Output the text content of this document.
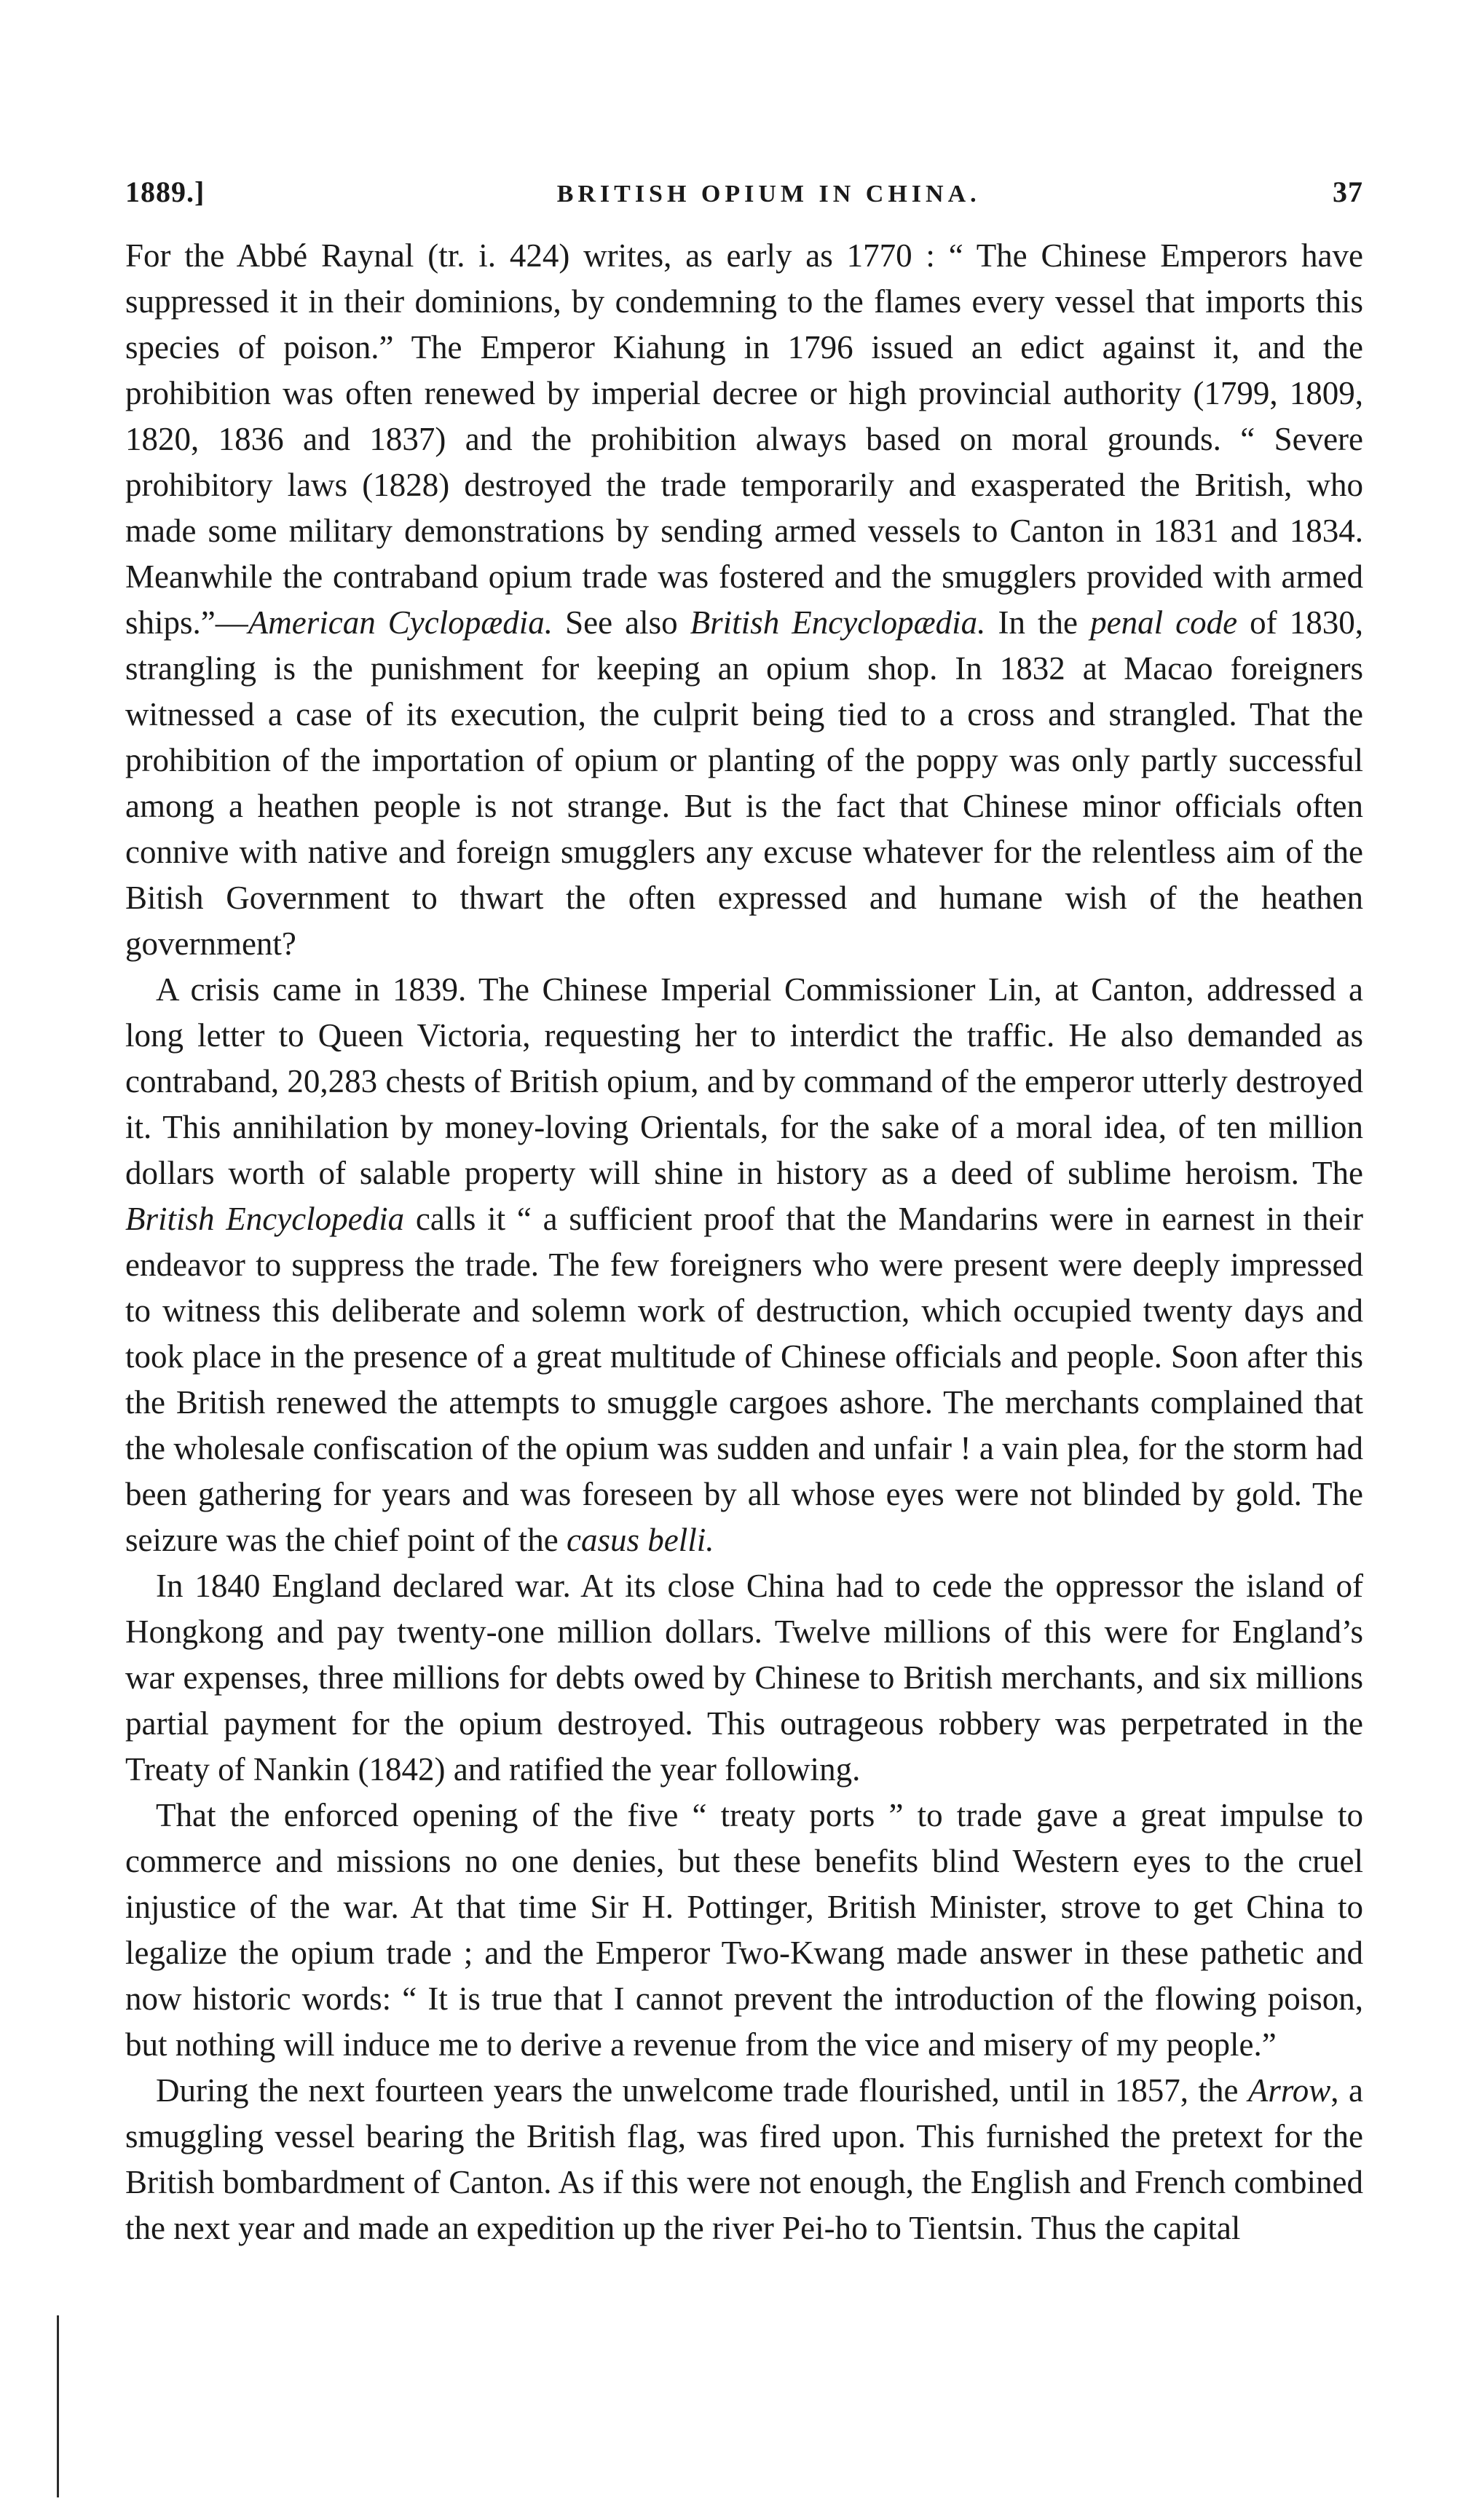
1889.]	BRITISH OPIUM IN CHINA.	37

For the Abbé Raynal (tr. i. 424) writes, as early as 1770 : “ The Chinese Emperors have suppressed it in their dominions, by condemning to the flames every vessel that imports this species of poison.” The Emperor Kiahung in 1796 issued an edict against it, and the prohibition was often renewed by imperial decree or high provincial authority (1799, 1809, 1820, 1836 and 1837) and the prohibition always based on moral grounds. “ Severe prohibitory laws (1828) destroyed the trade temporarily and exasperated the British, who made some military demonstrations by sending armed vessels to Canton in 1831 and 1834. Meanwhile the contraband opium trade was fostered and the smugglers provided with armed ships.”—American Cyclopædia. See also British Encyclopædia. In the penal code of 1830, strangling is the punishment for keeping an opium shop. In 1832 at Macao foreigners witnessed a case of its execution, the culprit being tied to a cross and strangled. That the prohibition of the importation of opium or planting of the poppy was only partly successful among a heathen people is not strange. But is the fact that Chinese minor officials often connive with native and foreign smugglers any excuse whatever for the relentless aim of the Bitish Government to thwart the often expressed and humane wish of the heathen government?

A crisis came in 1839. The Chinese Imperial Commissioner Lin, at Canton, addressed a long letter to Queen Victoria, requesting her to interdict the traffic. He also demanded as contraband, 20,283 chests of British opium, and by command of the emperor utterly destroyed it. This annihilation by money-loving Orientals, for the sake of a moral idea, of ten million dollars worth of salable property will shine in history as a deed of sublime heroism. The British Encyclopedia calls it “ a sufficient proof that the Mandarins were in earnest in their endeavor to suppress the trade. The few foreigners who were present were deeply impressed to witness this deliberate and solemn work of destruction, which occupied twenty days and took place in the presence of a great multitude of Chinese officials and people. Soon after this the British renewed the attempts to smuggle cargoes ashore. The merchants complained that the wholesale confiscation of the opium was sudden and unfair ! a vain plea, for the storm had been gathering for years and was foreseen by all whose eyes were not blinded by gold. The seizure was the chief point of the casus belli.

In 1840 England declared war. At its close China had to cede the oppressor the island of Hongkong and pay twenty-one million dollars. Twelve millions of this were for England’s war expenses, three millions for debts owed by Chinese to British merchants, and six millions partial payment for the opium destroyed. This outrageous robbery was perpetrated in the Treaty of Nankin (1842) and ratified the year following.

That the enforced opening of the five “ treaty ports ” to trade gave a great impulse to commerce and missions no one denies, but these benefits blind Western eyes to the cruel injustice of the war. At that time Sir H. Pottinger, British Minister, strove to get China to legalize the opium trade ; and the Emperor Two-Kwang made answer in these pathetic and now historic words: “ It is true that I cannot prevent the introduction of the flowing poison, but nothing will induce me to derive a revenue from the vice and misery of my people.”

During the next fourteen years the unwelcome trade flourished, until in 1857, the Arrow, a smuggling vessel bearing the British flag, was fired upon. This furnished the pretext for the British bombardment of Canton. As if this were not enough, the English and French combined the next year and made an expedition up the river Pei-ho to Tientsin. Thus the capital
